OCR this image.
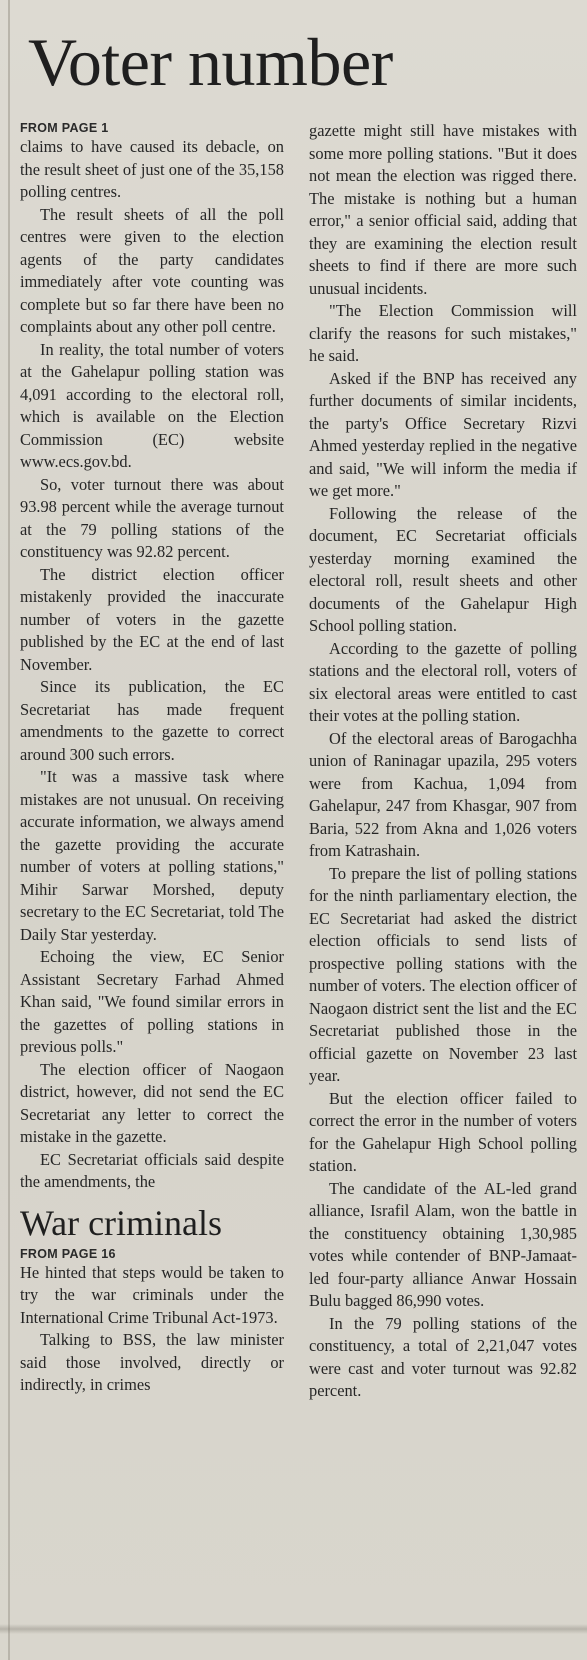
Voter number

FROM PAGE 1

claims to have caused its debacle, on the result sheet of just one of the 35,158 polling centres.

The result sheets of all the poll centres were given to the election agents of the party candidates immediately after vote counting was complete but so far there have been no complaints about any other poll centre.

In reality, the total number of voters at the Gahelapur polling station was 4,091 according to the electoral roll, which is available on the Election Commission (EC) website www.ecs.gov.bd.

So, voter turnout there was about 93.98 percent while the average turnout at the 79 polling stations of the constituency was 92.82 percent.

The district election officer mistakenly provided the inaccurate number of voters in the gazette published by the EC at the end of last November.

Since its publication, the EC Secretariat has made frequent amendments to the gazette to correct around 300 such errors.

"It was a massive task where mistakes are not unusual. On receiving accurate information, we always amend the gazette providing the accurate number of voters at polling stations," Mihir Sarwar Morshed, deputy secretary to the EC Secretariat, told The Daily Star yesterday.

Echoing the view, EC Senior Assistant Secretary Farhad Ahmed Khan said, "We found similar errors in the gazettes of polling stations in previous polls."

The election officer of Naogaon district, however, did not send the EC Secretariat any letter to correct the mistake in the gazette.

EC Secretariat officials said despite the amendments, the

War criminals

FROM PAGE 16

He hinted that steps would be taken to try the war criminals under the International Crime Tribunal Act-1973.

Talking to BSS, the law minister said those involved, directly or indirectly, in crimes

gazette might still have mistakes with some more polling stations. "But it does not mean the election was rigged there. The mistake is nothing but a human error," a senior official said, adding that they are examining the election result sheets to find if there are more such unusual incidents.

"The Election Commission will clarify the reasons for such mistakes," he said.

Asked if the BNP has received any further documents of similar incidents, the party's Office Secretary Rizvi Ahmed yesterday replied in the negative and said, "We will inform the media if we get more."

Following the release of the document, EC Secretariat officials yesterday morning examined the electoral roll, result sheets and other documents of the Gahelapur High School polling station.

According to the gazette of polling stations and the electoral roll, voters of six electoral areas were entitled to cast their votes at the polling station.

Of the electoral areas of Barogachha union of Raninagar upazila, 295 voters were from Kachua, 1,094 from Gahelapur, 247 from Khasgar, 907 from Baria, 522 from Akna and 1,026 voters from Katrashain.

To prepare the list of polling stations for the ninth parliamentary election, the EC Secretariat had asked the district election officials to send lists of prospective polling stations with the number of voters. The election officer of Naogaon district sent the list and the EC Secretariat published those in the official gazette on November 23 last year.

But the election officer failed to correct the error in the number of voters for the Gahelapur High School polling station.

The candidate of the AL-led grand alliance, Israfil Alam, won the battle in the constituency obtaining 1,30,985 votes while contender of BNP-Jamaat-led four-party alliance Anwar Hossain Bulu bagged 86,990 votes.

In the 79 polling stations of the constituency, a total of 2,21,047 votes were cast and voter turnout was 92.82 percent.
